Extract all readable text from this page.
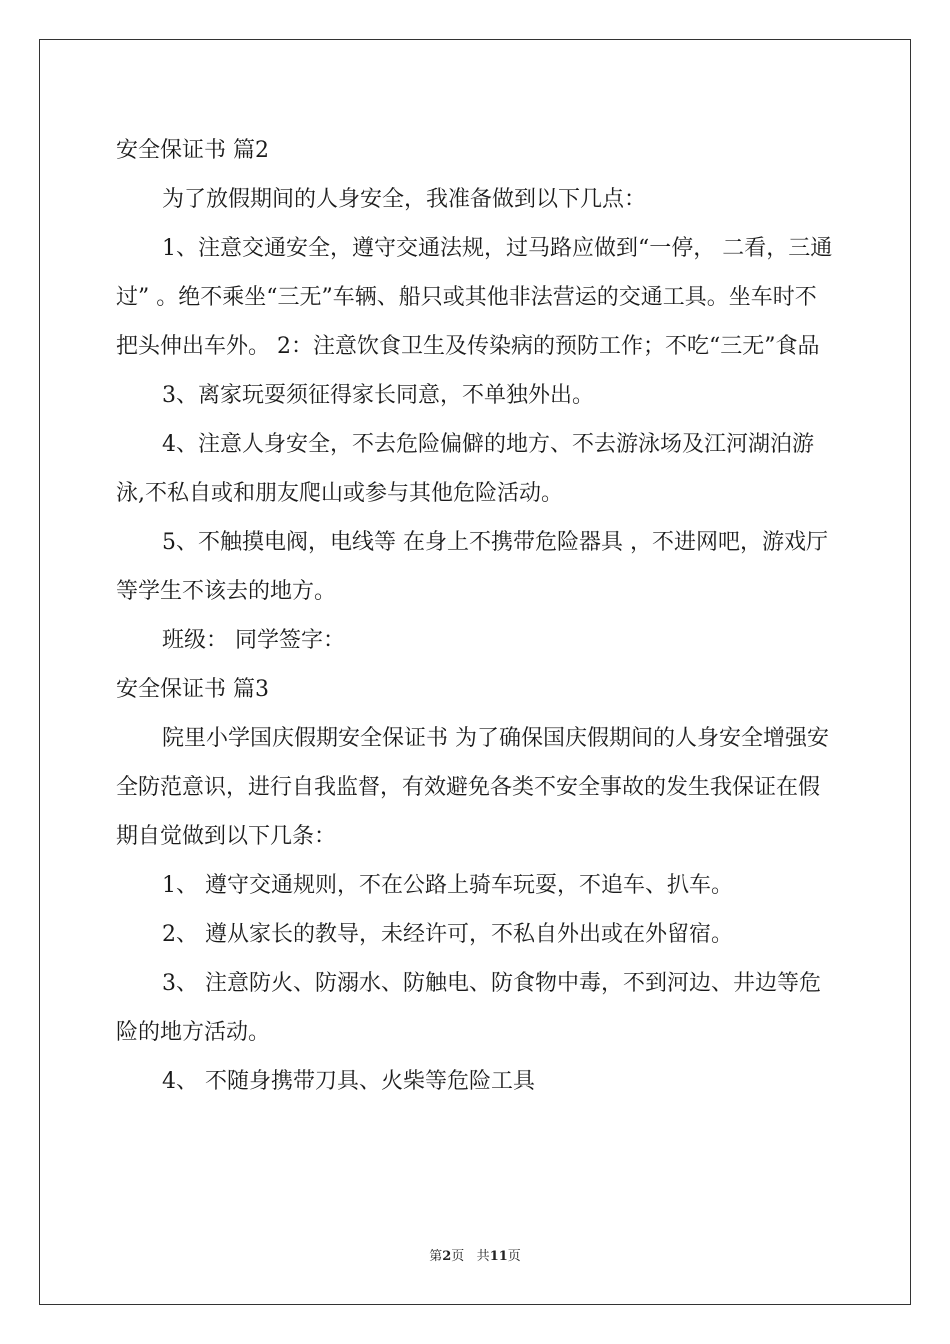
安全保证书 篇2

为了放假期间的人身安全，我准备做到以下几点：

1、注意交通安全，遵守交通法规，过马路应做到“一停， 二看，三通过” 。绝不乘坐“三无”车辆、船只或其他非法营运的交通工具。坐车时不把头伸出车外。 2：注意饮食卫生及传染病的预防工作；不吃“三无”食品

3、离家玩耍须征得家长同意，不单独外出。

4、注意人身安全，不去危险偏僻的地方、不去游泳场及江河湖泊游泳,不私自或和朋友爬山或参与其他危险活动。

5、不触摸电阀，电线等 在身上不携带危险器具 ，不进网吧，游戏厅等学生不该去的地方。

班级： 同学签字：

安全保证书 篇3

院里小学国庆假期安全保证书 为了确保国庆假期间的人身安全增强安全防范意识，进行自我监督，有效避免各类不安全事故的发生我保证在假期自觉做到以下几条：

1、 遵守交通规则，不在公路上骑车玩耍，不追车、扒车。

2、 遵从家长的教导，未经许可，不私自外出或在外留宿。

3、 注意防火、防溺水、防触电、防食物中毒，不到河边、井边等危险的地方活动。

4、 不随身携带刀具、火柴等危险工具

第2页 共11页
